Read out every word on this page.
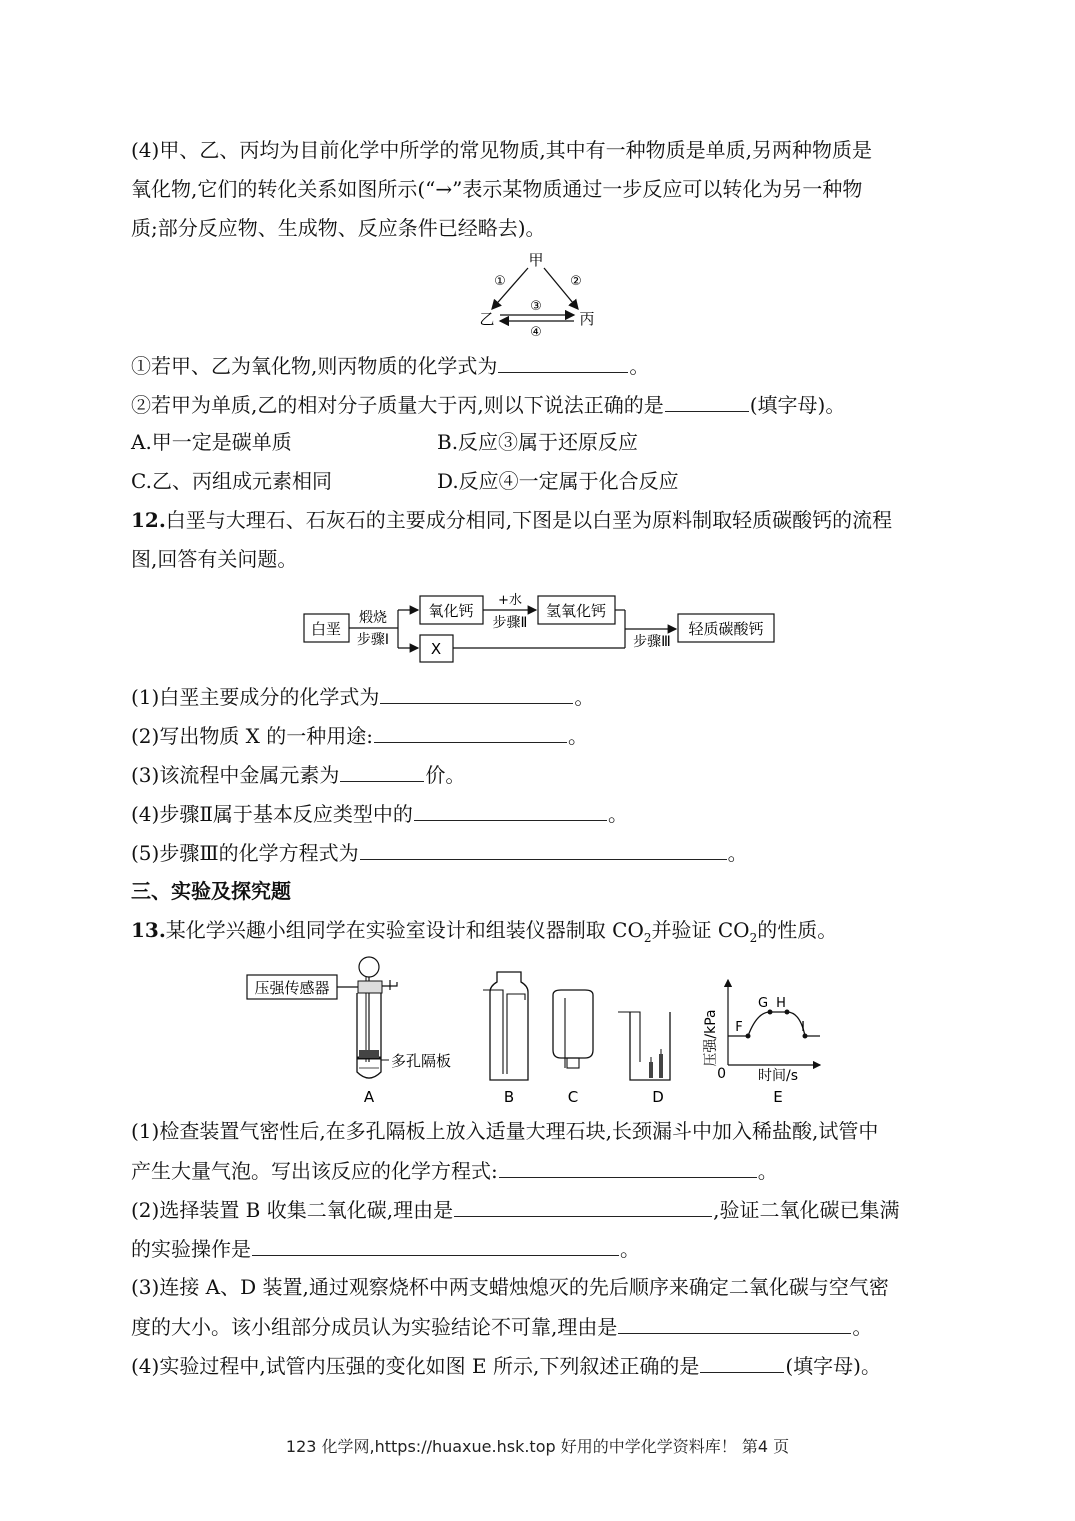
(4)甲、乙、丙均为目前化学中所学的常见物质,其中有一种物质是单质,另两种物质是
氧化物,它们的转化关系如图所示(“→”表示某物质通过一步反应可以转化为另一种物
质;部分反应物、生成物、反应条件已经略去)。
甲
乙	丙
①	②
③
④
①若甲、乙为氧化物,则丙物质的化学式为	。
②若甲为单质,乙的相对分子质量大于丙,则以下说法正确的是	(填字母)。
A.甲一定是碳单质	B.反应③属于还原反应
C.乙、丙组成元素相同	D.反应④一定属于化合反应
12.白垩与大理石、石灰石的主要成分相同,下图是以白垩为原料制取轻质碳酸钙的流程
图,回答有关问题。
白垩
煅烧
步骤Ⅰ
氧化钙
X
+水
步骤Ⅱ
氢氧化钙
步骤Ⅲ
轻质碳酸钙
(1)白垩主要成分的化学式为	。
(2)写出物质 X 的一种用途:	。
(3)该流程中金属元素为	价。
(4)步骤Ⅱ属于基本反应类型中的	。
(5)步骤Ⅲ的化学方程式为	。
三、实验及探究题
13.某化学兴趣小组同学在实验室设计和组装仪器制取 $CO_2$并验证 $CO_2$的性质。
压强传感器
多孔隔板
A	B	C	D
压强/kPa
0 时间/s
F
G H
I
E
(1)检查装置气密性后,在多孔隔板上放入适量大理石块,长颈漏斗中加入稀盐酸,试管中
产生大量气泡。写出该反应的化学方程式:	。
(2)选择装置 B 收集二氧化碳,理由是	,验证二氧化碳已集满
的实验操作是	。
(3)连接 A、D 装置,通过观察烧杯中两支蜡烛熄灭的先后顺序来确定二氧化碳与空气密
度的大小。该小组部分成员认为实验结论不可靠,理由是	。
(4)实验过程中,试管内压强的变化如图 E 所示,下列叙述正确的是	(填字母)。
123 化学网,https://huaxue.hsk.top 好用的中学化学资料库！ 第4 页
